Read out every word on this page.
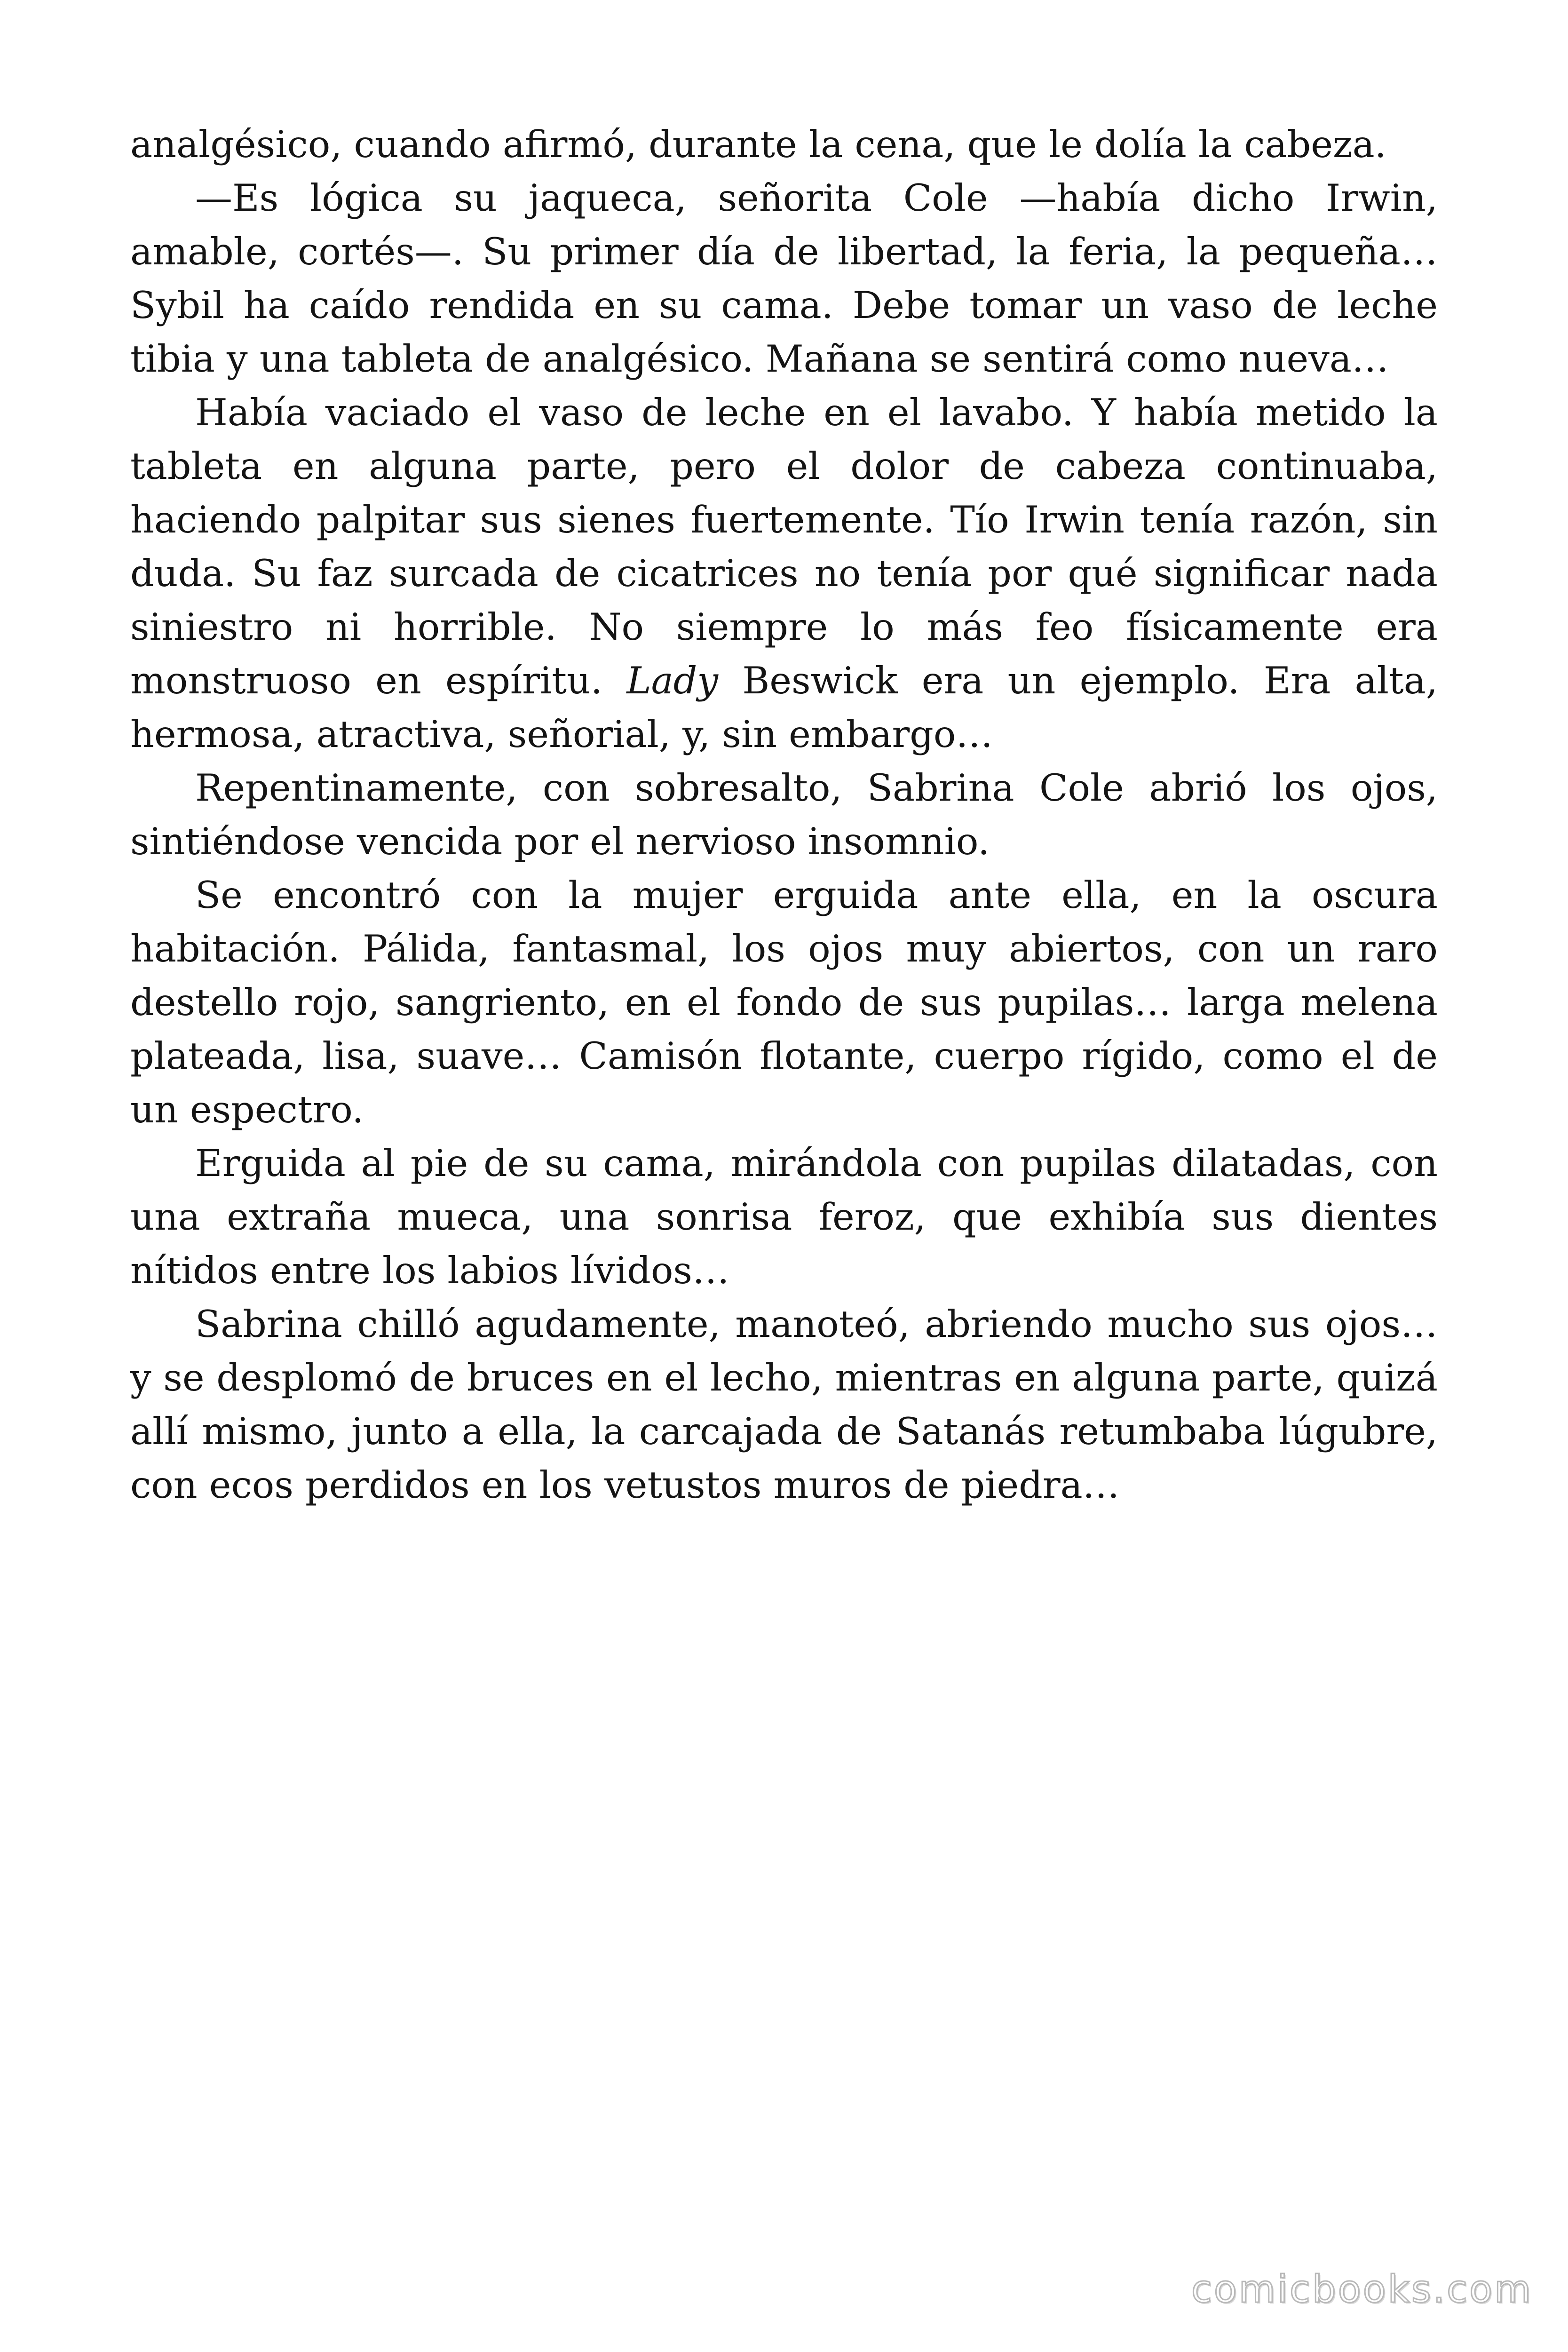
analgésico, cuando afirmó, durante la cena, que le dolía la cabeza.

—Es lógica su jaqueca, señorita Cole —había dicho Irwin, amable, cortés—. Su primer día de libertad, la feria, la pequeña… Sybil ha caído rendida en su cama. Debe tomar un vaso de leche tibia y una tableta de analgésico. Mañana se sentirá como nueva…

Había vaciado el vaso de leche en el lavabo. Y había metido la tableta en alguna parte, pero el dolor de cabeza continuaba, haciendo palpitar sus sienes fuertemente. Tío Irwin tenía razón, sin duda. Su faz surcada de cicatrices no tenía por qué significar nada siniestro ni horrible. No siempre lo más feo físicamente era monstruoso en espíritu. Lady Beswick era un ejemplo. Era alta, hermosa, atractiva, señorial, y, sin embargo…

Repentinamente, con sobresalto, Sabrina Cole abrió los ojos, sintiéndose vencida por el nervioso insomnio.

Se encontró con la mujer erguida ante ella, en la oscura habitación. Pálida, fantasmal, los ojos muy abiertos, con un raro destello rojo, sangriento, en el fondo de sus pupilas… larga melena plateada, lisa, suave… Camisón flotante, cuerpo rígido, como el de un espectro.

Erguida al pie de su cama, mirándola con pupilas dilatadas, con una extraña mueca, una sonrisa feroz, que exhibía sus dientes nítidos entre los labios lívidos…

Sabrina chilló agudamente, manoteó, abriendo mucho sus ojos… y se desplomó de bruces en el lecho, mientras en alguna parte, quizá allí mismo, junto a ella, la carcajada de Satanás retumbaba lúgubre, con ecos perdidos en los vetustos muros de piedra…

comicbooks.com
